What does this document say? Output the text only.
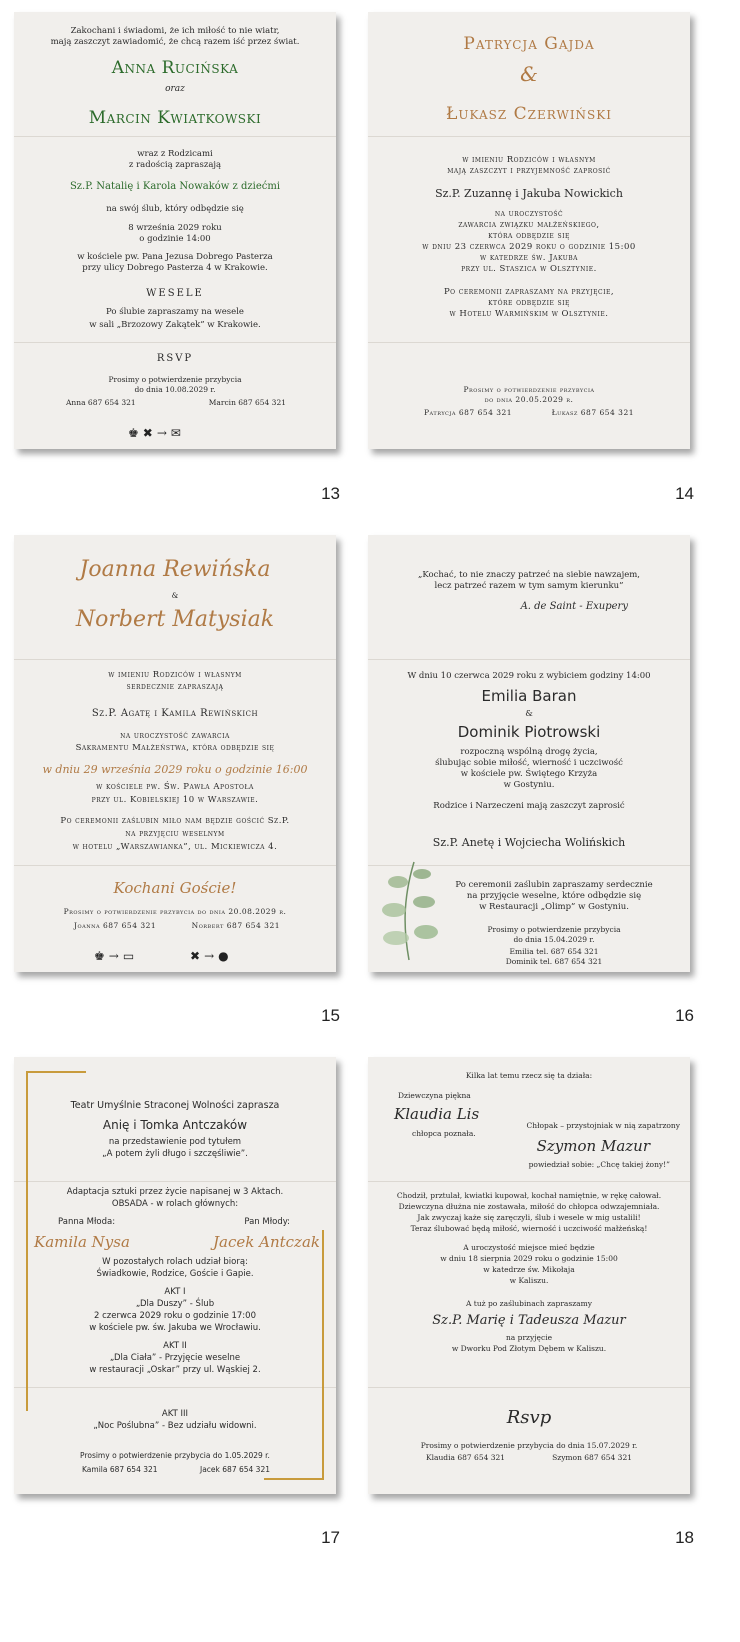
Zakochani i świadomi, że ich miłość to nie wiatr,
mają zaszczyt zawiadomić, że chcą razem iść przez świat.
Anna Rucińska
oraz
Marcin Kwiatkowski
wraz z Rodzicami
z radością zapraszają
Sz.P. Natalię i Karola Nowaków z dziećmi
na swój ślub, który odbędzie się
8 września 2029 roku
o godzinie 14:00
w kościele pw. Pana Jezusa Dobrego Pasterza
przy ulicy Dobrego Pasterza 4 w Krakowie.
WESELE
Po ślubie zapraszamy na wesele
w sali „Brzozowy Zakątek” w Krakowie.
RSVP
Prosimy o potwierdzenie przybycia
do dnia 10.08.2029 r.
Anna 687 654 321	Marcin 687 654 321
♚ ✖ → ✉
13
Patrycja Gajda
&
Łukasz Czerwiński
w imieniu Rodziców i własnym
mają zaszczyt i przyjemność zaprosić
Sz.P. Zuzannę i Jakuba Nowickich
na uroczystość
zawarcia związku małżeńskiego,
która odbędzie się
w dniu 23 czerwca 2029 roku o godzinie 15:00
w katedrze św. Jakuba
przy ul. Staszica w Olsztynie.
Po ceremonii zapraszamy na przyjęcie,
które odbędzie się
w Hotelu Warmińskim w Olsztynie.
Prosimy o potwierdzenie przybycia
do dnia 20.05.2029 r.
Patrycja 687 654 321	Łukasz 687 654 321
14
Joanna Rewińska
&
Norbert Matysiak
w imieniu Rodziców i własnym
serdecznie zapraszają
Sz.P. Agatę i Kamila Rewińskich
na uroczystość zawarcia
Sakramentu Małżeństwa, która odbędzie się
w dniu 29 września 2029 roku o godzinie 16:00
w kościele pw. Św. Pawła Apostoła
przy ul. Kobielskiej 10 w Warszawie.
Po ceremonii zaślubin miło nam będzie gościć Sz.P.
na przyjęciu weselnym
w hotelu „Warszawianka”, ul. Mickiewicza 4.
Kochani Goście!
Prosimy o potwierdzenie przybycia do dnia 20.08.2029 r.
Joanna 687 654 321	Norbert 687 654 321
♚ → ▭	✖ → ●
15
„Kochać, to nie znaczy patrzeć na siebie nawzajem,
lecz patrzeć razem w tym samym kierunku”
A. de Saint - Exupery
W dniu 10 czerwca 2029 roku z wybiciem godziny 14:00
Emilia Baran
&
Dominik Piotrowski
rozpoczną wspólną drogę życia,
ślubując sobie miłość, wierność i uczciwość
w kościele pw. Świętego Krzyża
w Gostyniu.
Rodzice i Narzeczeni mają zaszczyt zaprosić
Sz.P. Anetę i Wojciecha Wolińskich
Po ceremonii zaślubin zapraszamy serdecznie
na przyjęcie weselne, które odbędzie się
w Restauracji „Olimp” w Gostyniu.
Prosimy o potwierdzenie przybycia
do dnia 15.04.2029 r.
Emilia tel. 687 654 321
Dominik tel. 687 654 321
16
Teatr Umyślnie Straconej Wolności zaprasza
Anię i Tomka Antczaków
na przedstawienie pod tytułem
„A potem żyli długo i szczęśliwie”.
Adaptacja sztuki przez życie napisanej w 3 Aktach.
OBSADA - w rolach głównych:
Panna Młoda:	Pan Młody:
Kamila Nysa	Jacek Antczak
W pozostałych rolach udział biorą:
Świadkowie, Rodzice, Goście i Gapie.
AKT I
„Dla Duszy” - Ślub
2 czerwca 2029 roku o godzinie 17:00
w kościele pw. św. Jakuba we Wrocławiu.
AKT II
„Dla Ciała” - Przyjęcie weselne
w restauracji „Oskar” przy ul. Wąskiej 2.
AKT III
„Noc Poślubna” - Bez udziału widowni.
Prosimy o potwierdzenie przybycia do 1.05.2029 r.
Kamila 687 654 321	Jacek 687 654 321
17
Kilka lat temu rzecz się ta działa:
Dziewczyna piękna
Klaudia Lis
chłopca poznała.
Chłopak – przystojniak w nią zapatrzony
Szymon Mazur
powiedział sobie: „Chcę takiej żony!”
Chodził, prztulał, kwiatki kupował, kochał namiętnie, w rękę całował.
Dziewczyna dłużna nie zostawała, miłość do chłopca odwzajemniała.
Jak zwyczaj każe się zaręczyli, ślub i wesele w mig ustalili!
Teraz ślubować będą miłość, wierność i uczciwość małżeńską!
A uroczystość miejsce mieć będzie
w dniu 18 sierpnia 2029 roku o godzinie 15:00
w katedrze św. Mikołaja
w Kaliszu.
A tuż po zaślubinach zapraszamy
Sz.P. Marię i Tadeusza Mazur
na przyjęcie
w Dworku Pod Złotym Dębem w Kaliszu.
Rsvp
Prosimy o potwierdzenie przybycia do dnia 15.07.2029 r.
Klaudia 687 654 321	Szymon 687 654 321
18
